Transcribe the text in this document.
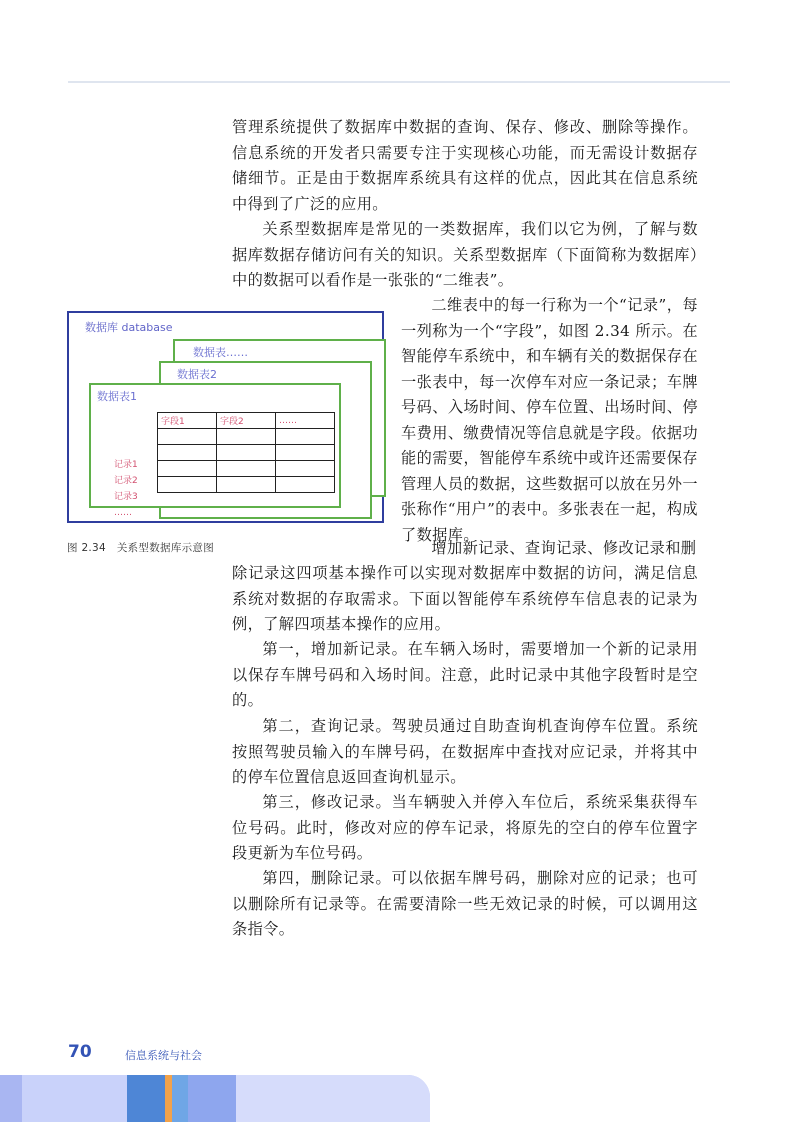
管理系统提供了数据库中数据的查询、保存、修改、删除等操作。信息系统的开发者只需要专注于实现核心功能，而无需设计数据存储细节。正是由于数据库系统具有这样的优点，因此其在信息系统中得到了广泛的应用。

关系型数据库是常见的一类数据库，我们以它为例，了解与数据库数据存储访问有关的知识。关系型数据库（下面简称为数据库）中的数据可以看作是一张张的“二维表”。

数据库 database
数据表……
数据表2
数据表1
字段1	字段2	……

记录1
记录2
记录3
……

二维表中的每一行称为一个“记录”，每一列称为一个“字段”，如图 2.34 所示。在智能停车系统中，和车辆有关的数据保存在一张表中，每一次停车对应一条记录；车牌号码、入场时间、停车位置、出场时间、停车费用、缴费情况等信息就是字段。依据功能的需要，智能停车系统中或许还需要保存管理人员的数据，这些数据可以放在另外一张称作“用户”的表中。多张表在一起，构成了数据库。

图 2.34　关系型数据库示意图	增加新记录、查询记录、修改记录和删

除记录这四项基本操作可以实现对数据库中数据的访问，满足信息系统对数据的存取需求。下面以智能停车系统停车信息表的记录为例，了解四项基本操作的应用。

第一，增加新记录。在车辆入场时，需要增加一个新的记录用以保存车牌号码和入场时间。注意，此时记录中其他字段暂时是空的。

第二，查询记录。驾驶员通过自助查询机查询停车位置。系统按照驾驶员输入的车牌号码，在数据库中查找对应记录，并将其中的停车位置信息返回查询机显示。

第三，修改记录。当车辆驶入并停入车位后，系统采集获得车位号码。此时，修改对应的停车记录，将原先的空白的停车位置字段更新为车位号码。

第四，删除记录。可以依据车牌号码，删除对应的记录；也可以删除所有记录等。在需要清除一些无效记录的时候，可以调用这条指令。

70	信息系统与社会
